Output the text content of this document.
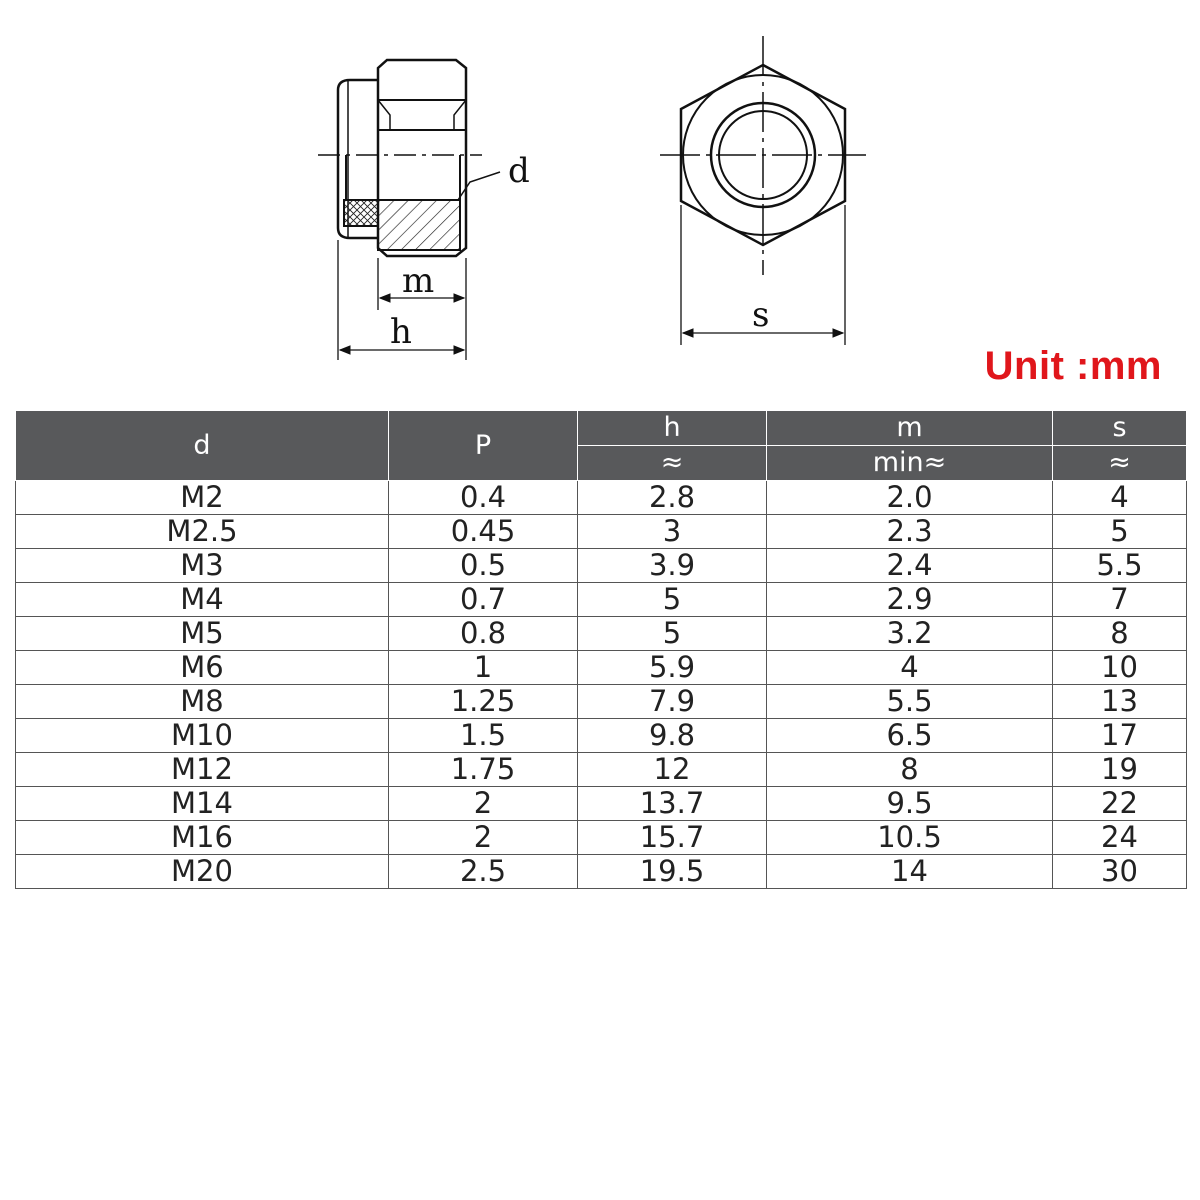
d
m
h	s
Unit :mm
d	P	h	m	s
		≈	min≈	≈
M2	0.4	2.8	2.0	4
M2.5	0.45	3	2.3	5
M3	0.5	3.9	2.4	5.5
M4	0.7	5	2.9	7
M5	0.8	5	3.2	8
M6	1	5.9	4	10
M8	1.25	7.9	5.5	13
M10	1.5	9.8	6.5	17
M12	1.75	12	8	19
M14	2	13.7	9.5	22
M16	2	15.7	10.5	24
M20	2.5	19.5	14	30
